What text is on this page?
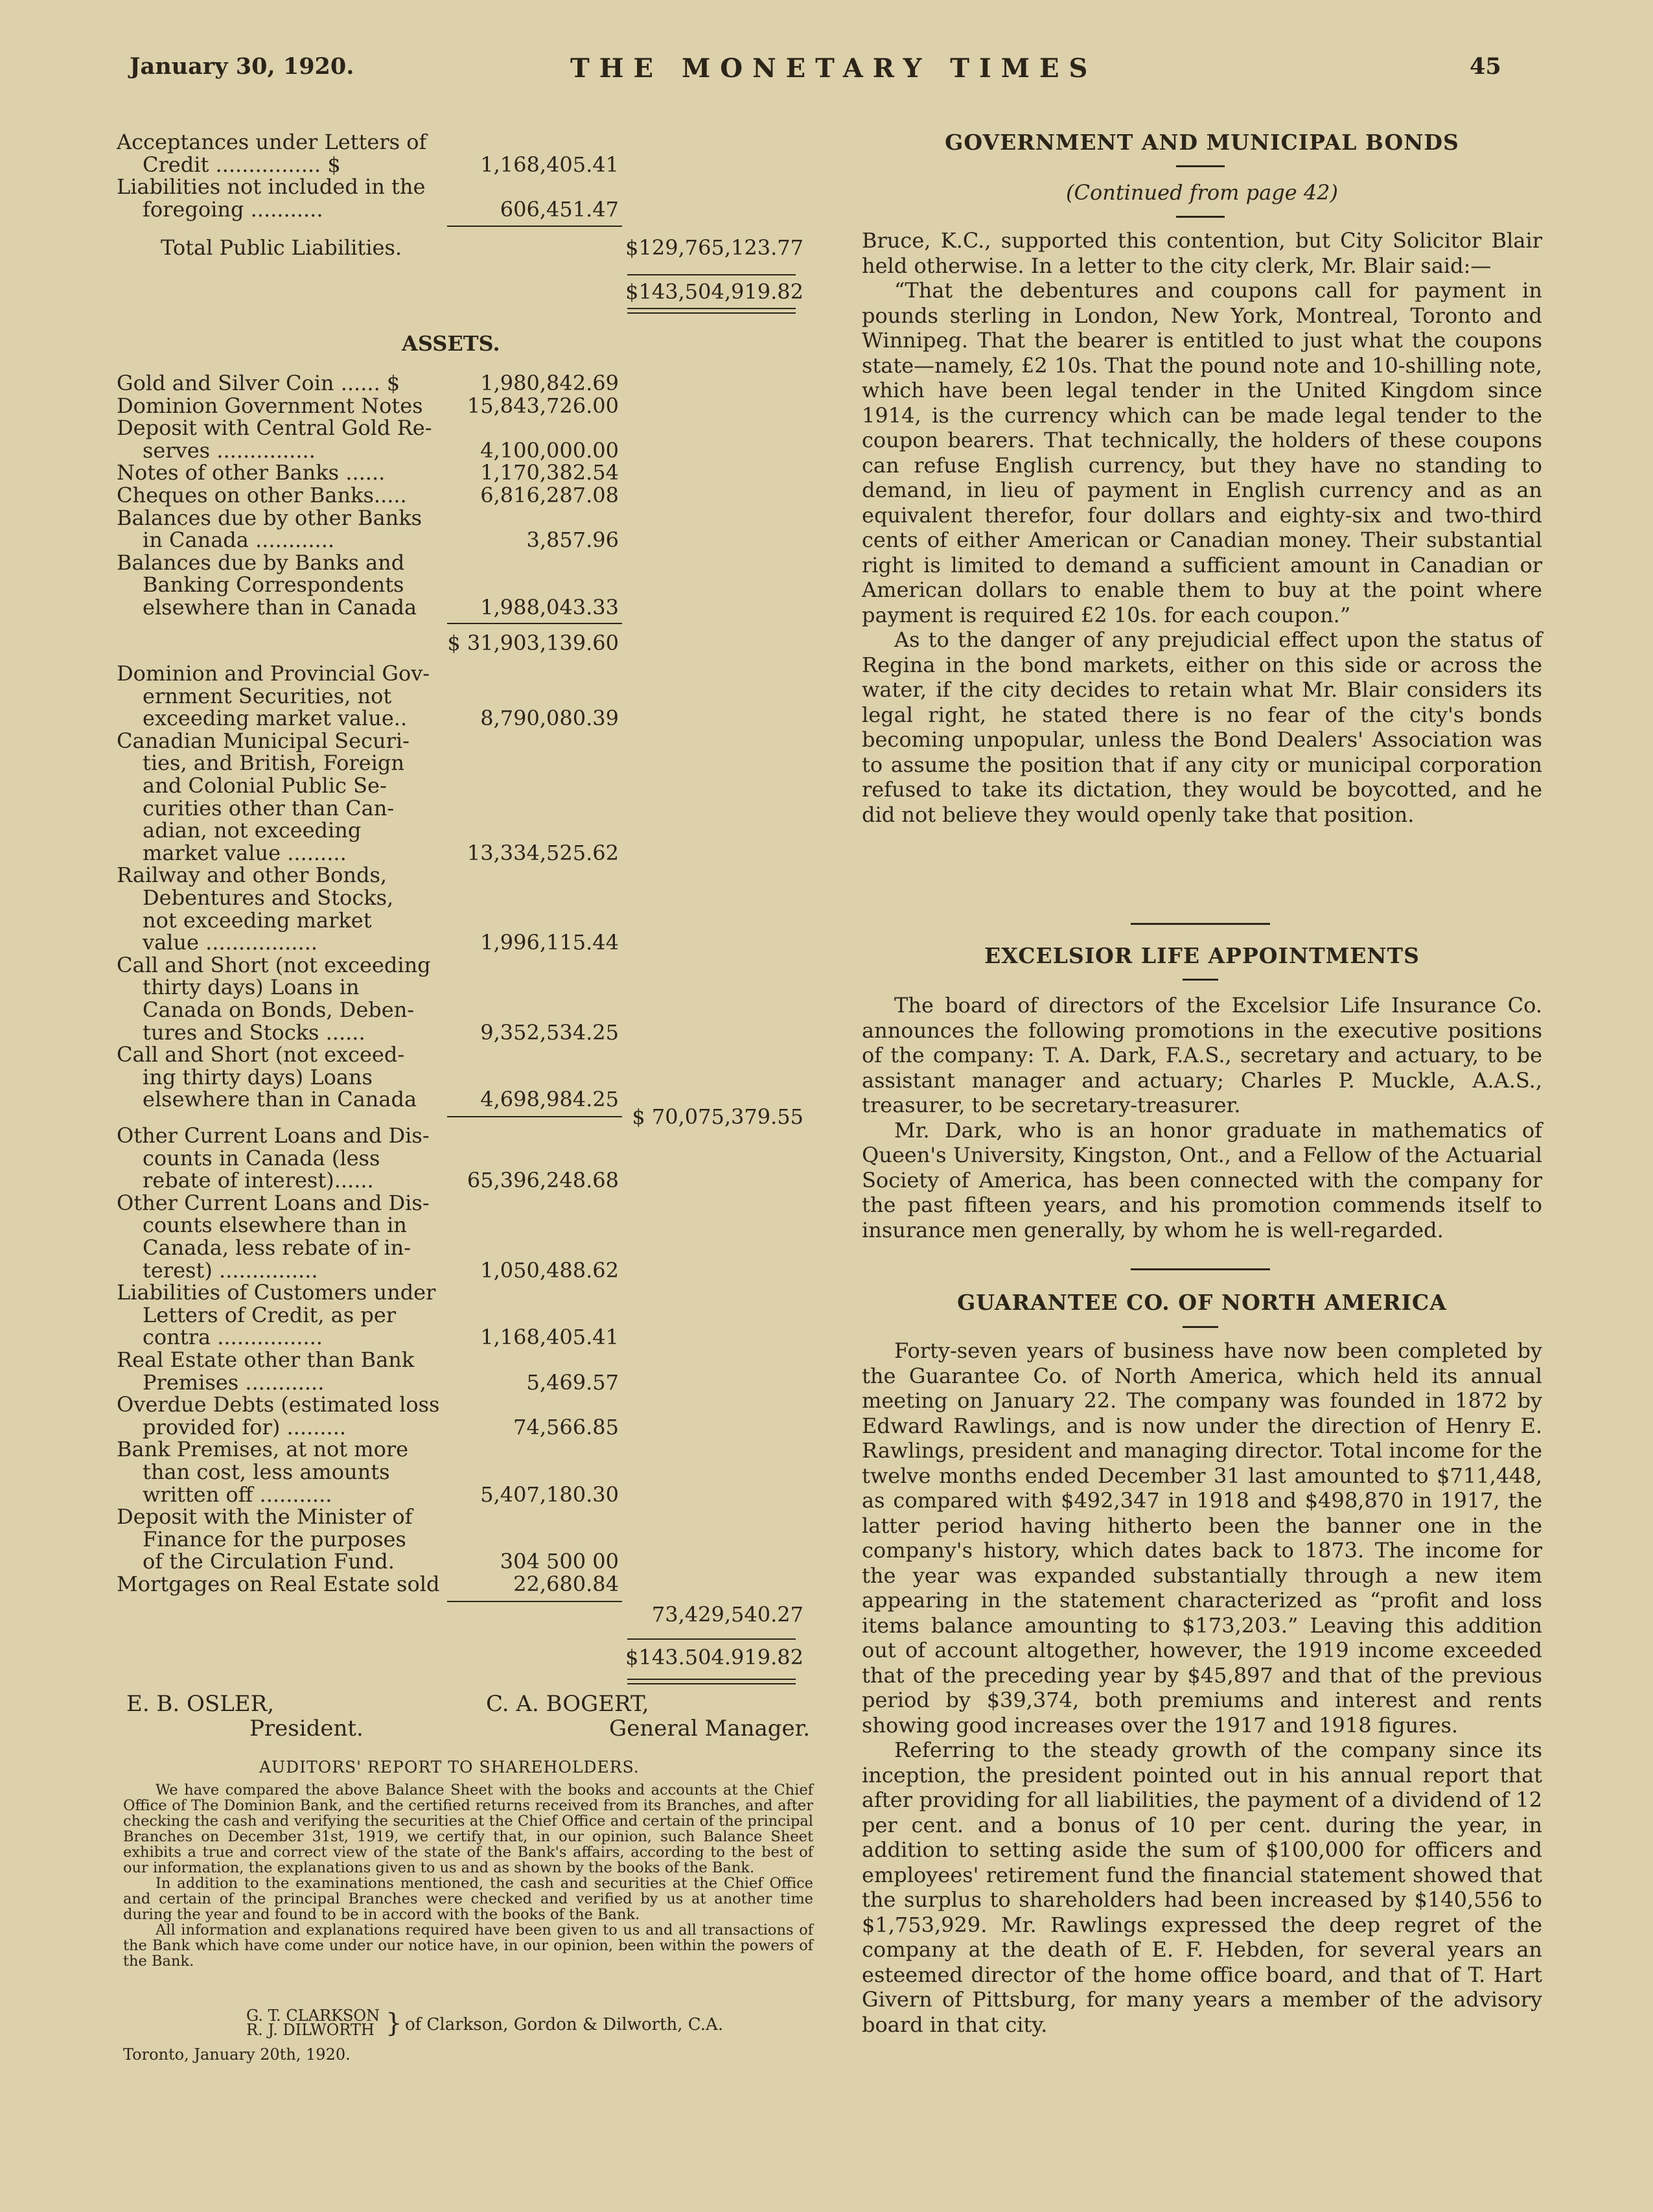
January 30, 1920.	THE MONETARY TIMES	45
Acceptances under Letters of
Credit ................ $	1,168,405.41
Liabilities not included in the
foregoing ...........	606,451.47
Total Public Liabilities.	$129,765,123.77
$143,504,919.82
ASSETS.
Gold and Silver Coin ...... $	1,980,842.69
Dominion Government Notes	15,843,726.00
Deposit with Central Gold Re-
serves ...............	4,100,000.00
Notes of other Banks ......	1,170,382.54
Cheques on other Banks.....	6,816,287.08
Balances due by other Banks
in Canada ............	3,857.96
Balances due by Banks and
Banking Correspondents
elsewhere than in Canada	1,988,043.33
$ 31,903,139.60
Dominion and Provincial Gov-
ernment Securities, not
exceeding market value..	8,790,080.39
Canadian Municipal Securi-
ties, and British, Foreign
and Colonial Public Se-
curities other than Can-
adian, not exceeding
market value .........	13,334,525.62
Railway and other Bonds,
Debentures and Stocks,
not exceeding market
value .................	1,996,115.44
Call and Short (not exceeding
thirty days) Loans in
Canada on Bonds, Deben-
tures and Stocks ......	9,352,534.25
Call and Short (not exceed-
ing thirty days) Loans
elsewhere than in Canada	4,698,984.25
$ 70,075,379.55
Other Current Loans and Dis-
counts in Canada (less
rebate of interest)......	65,396,248.68
Other Current Loans and Dis-
counts elsewhere than in
Canada, less rebate of in-
terest) ...............	1,050,488.62
Liabilities of Customers under
Letters of Credit, as per
contra ................	1,168,405.41
Real Estate other than Bank
Premises ............	5,469.57
Overdue Debts (estimated loss
provided for) .........	74,566.85
Bank Premises, at not more
than cost, less amounts
written off ...........	5,407,180.30
Deposit with the Minister of
Finance for the purposes
of the Circulation Fund.	304 500 00
Mortgages on Real Estate sold	22,680.84
73,429,540.27
$143.504.919.82
E. B. OSLER,
President.
C. A. BOGERT,
General Manager.
AUDITORS' REPORT TO SHAREHOLDERS.

We have compared the above Balance Sheet with the books and accounts at the Chief Office of The Dominion Bank, and the certified returns received from its Branches, and after checking the cash and verifying the securities at the Chief Office and certain of the principal Branches on December 31st, 1919, we certify that, in our opinion, such Balance Sheet exhibits a true and correct view of the state of the Bank's affairs, according to the best of our information, the explanations given to us and as shown by the books of the Bank.

In addition to the examinations mentioned, the cash and securities at the Chief Office and certain of the principal Branches were checked and verified by us at another time during the year and found to be in accord with the books of the Bank.

All information and explanations required have been given to us and all transactions of the Bank which have come under our notice have, in our opinion, been within the powers of the Bank.

G. T. CLARKSON
R. J. DILWORTH } of Clarkson, Gordon & Dilworth, C.A.
Toronto, January 20th, 1920.
GOVERNMENT AND MUNICIPAL BONDS
(Continued from page 42)

Bruce, K.C., supported this contention, but City Solicitor Blair held otherwise. In a letter to the city clerk, Mr. Blair said:—

“That the debentures and coupons call for payment in pounds sterling in London, New York, Montreal, Toronto and Winnipeg. That the bearer is entitled to just what the coupons state—namely, £2 10s. That the pound note and 10-shilling note, which have been legal tender in the United Kingdom since 1914, is the currency which can be made legal tender to the coupon bearers. That technically, the holders of these coupons can refuse English currency, but they have no standing to demand, in lieu of payment in English currency and as an equivalent therefor, four dollars and eighty-six and two-third cents of either American or Canadian money. Their substantial right is limited to demand a sufficient amount in Canadian or American dollars to enable them to buy at the point where payment is required £2 10s. for each coupon.”

As to the danger of any prejudicial effect upon the status of Regina in the bond markets, either on this side or across the water, if the city decides to retain what Mr. Blair considers its legal right, he stated there is no fear of the city's bonds becoming unpopular, unless the Bond Dealers' Association was to assume the position that if any city or municipal corporation refused to take its dictation, they would be boycotted, and he did not believe they would openly take that position.

EXCELSIOR LIFE APPOINTMENTS

The board of directors of the Excelsior Life Insurance Co. announces the following promotions in the executive positions of the company: T. A. Dark, F.A.S., secretary and actuary, to be assistant manager and actuary; Charles P. Muckle, A.A.S., treasurer, to be secretary-treasurer.

Mr. Dark, who is an honor graduate in mathematics of Queen's University, Kingston, Ont., and a Fellow of the Actuarial Society of America, has been connected with the company for the past fifteen years, and his promotion commends itself to insurance men generally, by whom he is well-regarded.

GUARANTEE CO. OF NORTH AMERICA

Forty-seven years of business have now been completed by the Guarantee Co. of North America, which held its annual meeting on January 22. The company was founded in 1872 by Edward Rawlings, and is now under the direction of Henry E. Rawlings, president and managing director. Total income for the twelve months ended December 31 last amounted to $711,448, as compared with $492,347 in 1918 and $498,870 in 1917, the latter period having hitherto been the banner one in the company's history, which dates back to 1873. The income for the year was expanded substantially through a new item appearing in the statement characterized as “profit and loss items balance amounting to $173,203.” Leaving this addition out of account altogether, however, the 1919 income exceeded that of the preceding year by $45,897 and that of the previous period by $39,374, both premiums and interest and rents showing good increases over the 1917 and 1918 figures.

Referring to the steady growth of the company since its inception, the president pointed out in his annual report that after providing for all liabilities, the payment of a dividend of 12 per cent. and a bonus of 10 per cent. during the year, in addition to setting aside the sum of $100,000 for officers and employees' retirement fund the financial statement showed that the surplus to shareholders had been increased by $140,556 to $1,753,929. Mr. Rawlings expressed the deep regret of the company at the death of E. F. Hebden, for several years an esteemed director of the home office board, and that of T. Hart Givern of Pittsburg, for many years a member of the advisory board in that city.
